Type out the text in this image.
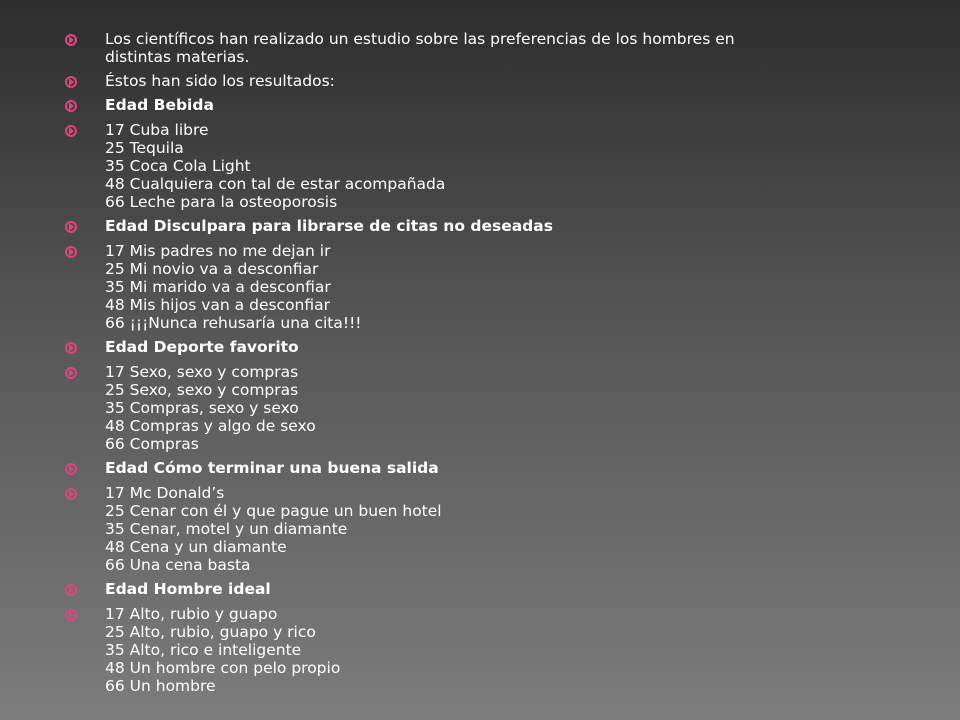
Los científicos han realizado un estudio sobre las preferencias de los hombres en
distintas materias.
Éstos han sido los resultados:
Edad Bebida
17 Cuba libre
25 Tequila
35 Coca Cola Light
48 Cualquiera con tal de estar acompañada
66 Leche para la osteoporosis
Edad Disculpara para librarse de citas no deseadas
17 Mis padres no me dejan ir
25 Mi novio va a desconfiar
35 Mi marido va a desconfiar
48 Mis hijos van a desconfiar
66 ¡¡¡Nunca rehusaría una cita!!!
Edad Deporte favorito
17 Sexo, sexo y compras
25 Sexo, sexo y compras
35 Compras, sexo y sexo
48 Compras y algo de sexo
66 Compras
Edad Cómo terminar una buena salida
17 Mc Donald’s
25 Cenar con él y que pague un buen hotel
35 Cenar, motel y un diamante
48 Cena y un diamante
66 Una cena basta
Edad Hombre ideal
17 Alto, rubio y guapo
25 Alto, rubio, guapo y rico
35 Alto, rico e inteligente
48 Un hombre con pelo propio
66 Un hombre
